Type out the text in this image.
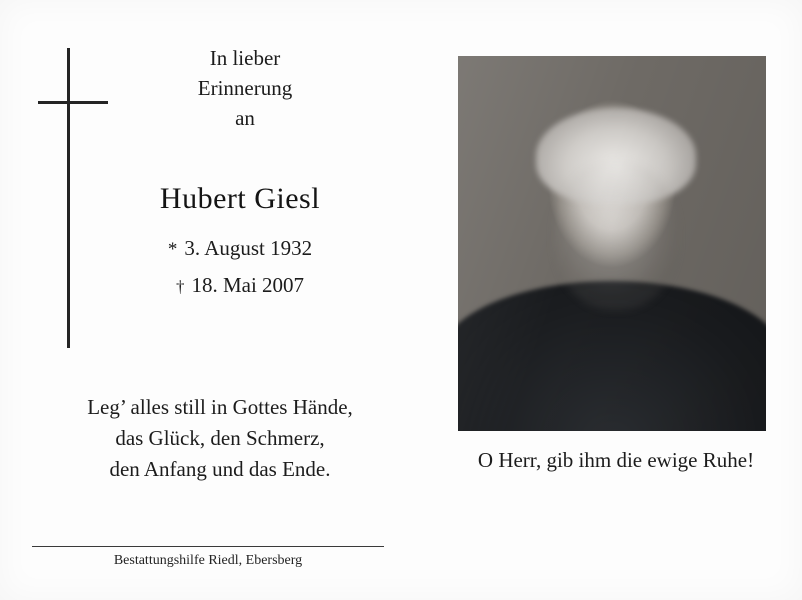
In lieber
Erinnerung
an
Hubert Giesl
* 3. August 1932
† 18. Mai 2007
Leg’ alles still in Gottes Hände,
das Glück, den Schmerz,
den Anfang und das Ende.	O Herr, gib ihm die ewige Ruhe!
Bestattungshilfe Riedl, Ebersberg
